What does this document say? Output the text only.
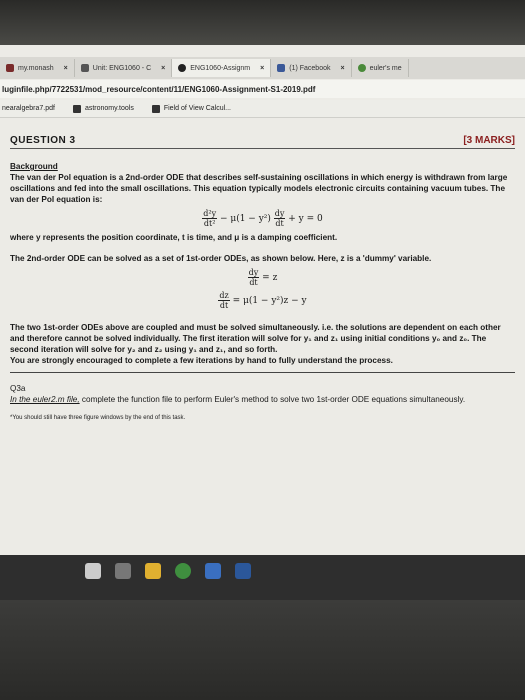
my.monash ×	Unit: ENG1060 - C ×	ENG1060-Assignm ×	(1) Facebook ×	euler's me
luginfile.php/7722531/mod_resource/content/11/ENG1060-Assignment-S1-2019.pdf
nearalgebra7.pdf	astronomy.tools	Field of View Calcul...
QUESTION 3	[3 MARKS]
Background

The van der Pol equation is a 2nd-order ODE that describes self-sustaining oscillations in which energy is withdrawn from large oscillations and fed into the small oscillations. This equation typically models electronic circuits containing vacuum tubes. The van der Pol equation is:

$\frac{\text{d²y}}{\text{dt²}} - \mu(1 - y^2) \frac{dy}{dt} + y = 0$

where y represents the position coordinate, t is time, and μ is a damping coefficient.

The 2nd-order ODE can be solved as a set of 1st-order ODEs, as shown below. Here, z is a 'dummy' variable.

$\frac{dy}{dt} = z$
$\frac{dz}{dt} = \mu(1 - y^2)z - y$

The two 1st-order ODEs above are coupled and must be solved simultaneously. i.e. the solutions are dependent on each other and therefore cannot be solved individually. The first iteration will solve for y₁ and z₁ using initial conditions y₀ and z₀. The second iteration will solve for y₂ and z₂ using y₁ and z₁, and so forth.

You are strongly encouraged to complete a few iterations by hand to fully understand the process.

Q3a
In the euler2.m file, complete the function file to perform Euler's method to solve two 1st-order ODE equations simultaneously.
*You should still have three figure windows by the end of this task.
